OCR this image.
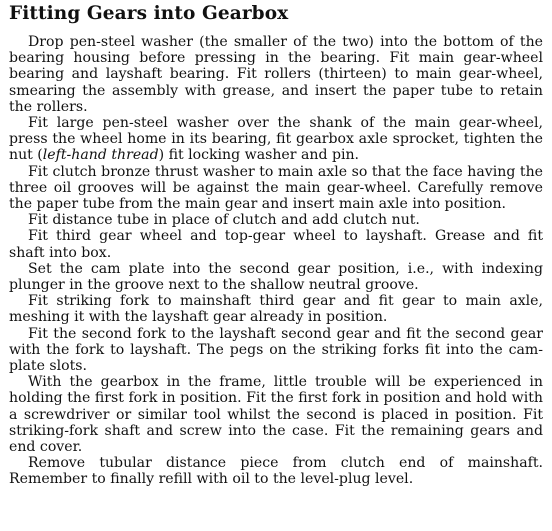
Fitting Gears into Gearbox

Drop pen-steel washer (the smaller of the two) into the bottom of the bearing housing before pressing in the bearing. Fit main gear-wheel bearing and layshaft bearing. Fit rollers (thirteen) to main gear-wheel, smearing the assembly with grease, and insert the paper tube to retain the rollers.

Fit large pen-steel washer over the shank of the main gear-wheel, press the wheel home in its bearing, fit gearbox axle sprocket, tighten the nut (left-hand thread) fit locking washer and pin.

Fit clutch bronze thrust washer to main axle so that the face having the three oil grooves will be against the main gear-wheel. Carefully remove the paper tube from the main gear and insert main axle into position.

Fit distance tube in place of clutch and add clutch nut.

Fit third gear wheel and top-gear wheel to layshaft. Grease and fit shaft into box.

Set the cam plate into the second gear position, i.e., with indexing plunger in the groove next to the shallow neutral groove.

Fit striking fork to mainshaft third gear and fit gear to main axle, meshing it with the layshaft gear already in position.

Fit the second fork to the layshaft second gear and fit the second gear with the fork to layshaft. The pegs on the striking forks fit into the cam-plate slots.

With the gearbox in the frame, little trouble will be experienced in holding the first fork in position. Fit the first fork in position and hold with a screwdriver or similar tool whilst the second is placed in position. Fit striking-fork shaft and screw into the case. Fit the remaining gears and end cover.

Remove tubular distance piece from clutch end of mainshaft. Remember to finally refill with oil to the level-plug level.
